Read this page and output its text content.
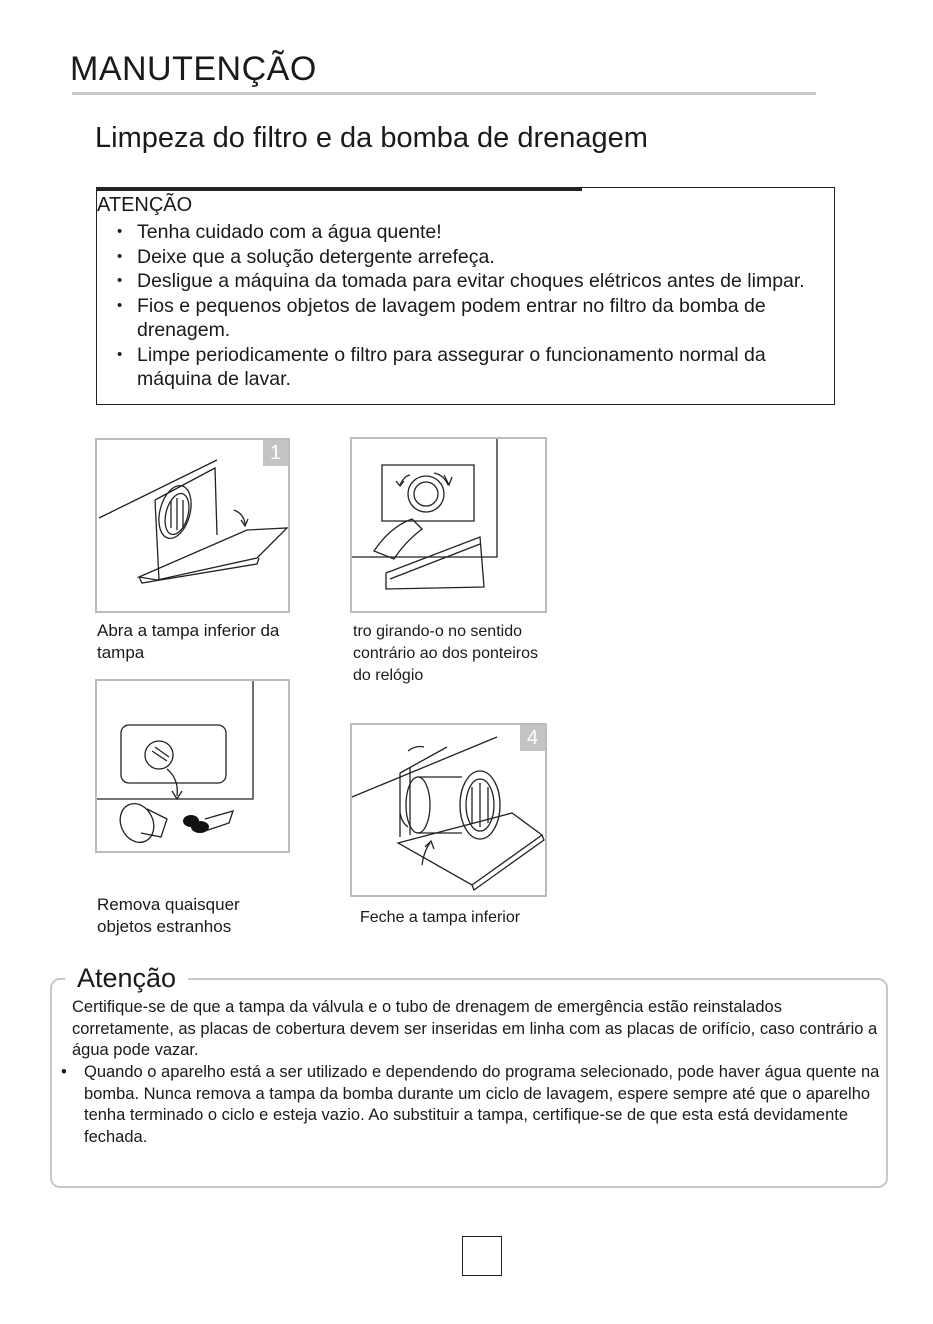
MANUTENÇÃO
Limpeza do filtro e da bomba de drenagem
ATENÇÃO
• Tenha cuidado com a água quente!
• Deixe que a solução detergente arrefeça.
• Desligue a máquina da tomada para evitar choques elétricos antes de limpar.
• Fios e pequenos objetos de lavagem podem entrar no filtro da bomba de drenagem.
• Limpe periodicamente o filtro para assegurar o funcionamento normal da máquina de lavar.
1
Abra a tampa inferior da tampa
tro girando-o no sentido contrário ao dos ponteiros do relógio
Remova quaisquer objetos estranhos
4
Feche a tampa inferior
Atenção
Certifique-se de que a tampa da válvula e o tubo de drenagem de emergência estão reinstalados corretamente, as placas de cobertura devem ser inseridas em linha com as placas de orifício, caso contrário a água pode vazar.
• Quando o aparelho está a ser utilizado e dependendo do programa selecionado, pode haver água quente na bomba. Nunca remova a tampa da bomba durante um ciclo de lavagem, espere sempre até que o aparelho tenha terminado o ciclo e esteja vazio. Ao substituir a tampa, certifique-se de que esta está devidamente fechada.
